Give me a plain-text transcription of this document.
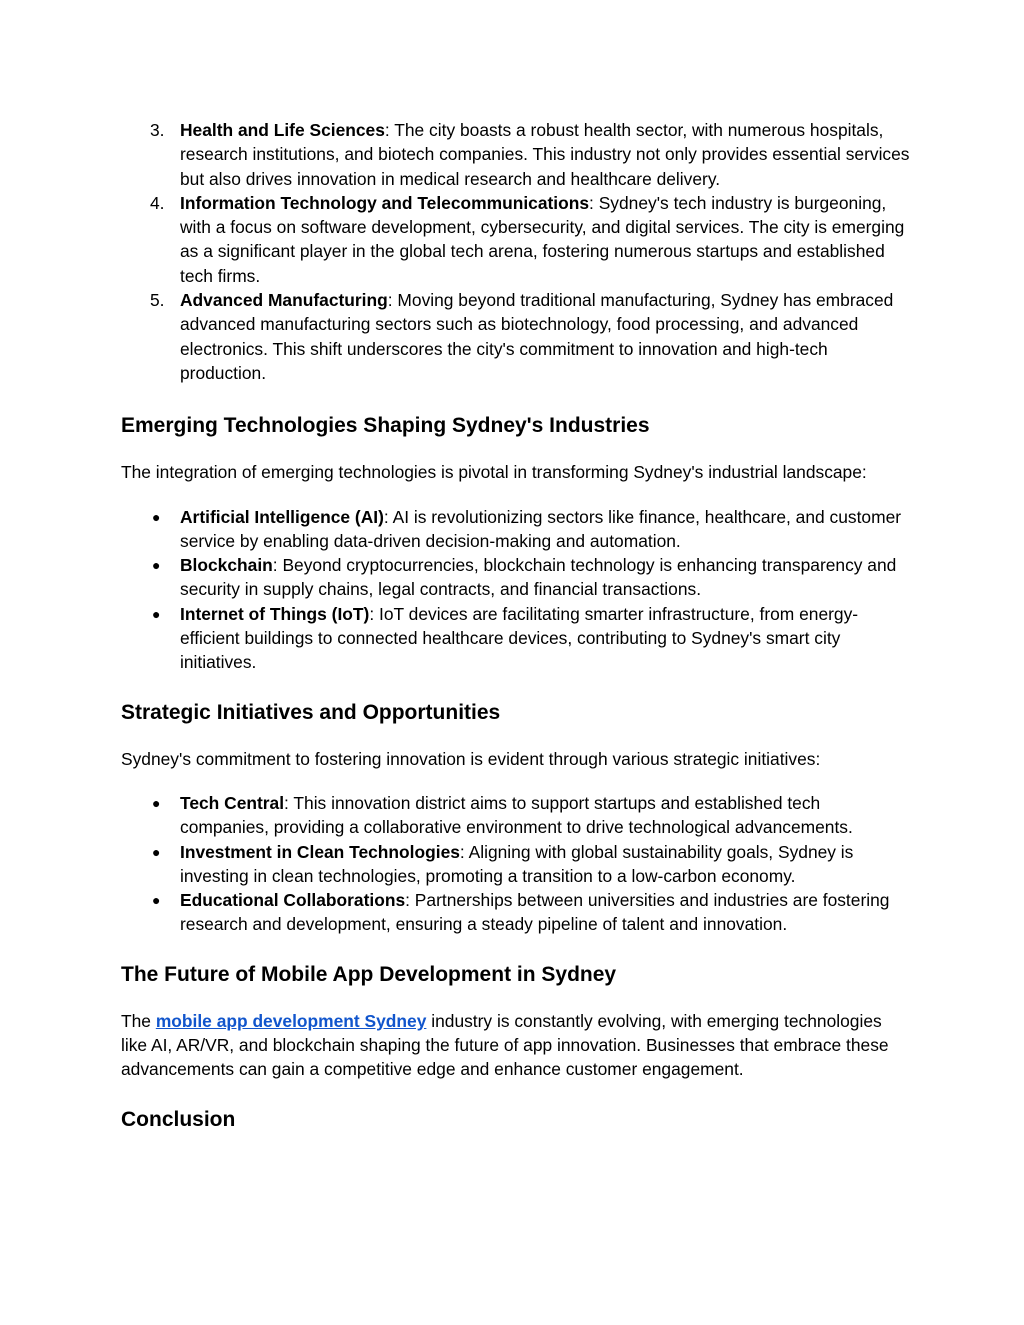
3. Health and Life Sciences: The city boasts a robust health sector, with numerous hospitals, research institutions, and biotech companies. This industry not only provides essential services but also drives innovation in medical research and healthcare delivery.
4. Information Technology and Telecommunications: Sydney's tech industry is burgeoning, with a focus on software development, cybersecurity, and digital services. The city is emerging as a significant player in the global tech arena, fostering numerous startups and established tech firms.
5. Advanced Manufacturing: Moving beyond traditional manufacturing, Sydney has embraced advanced manufacturing sectors such as biotechnology, food processing, and advanced electronics. This shift underscores the city's commitment to innovation and high-tech production.
Emerging Technologies Shaping Sydney's Industries

The integration of emerging technologies is pivotal in transforming Sydney's industrial landscape:

● Artificial Intelligence (AI): AI is revolutionizing sectors like finance, healthcare, and customer service by enabling data-driven decision-making and automation.
● Blockchain: Beyond cryptocurrencies, blockchain technology is enhancing transparency and security in supply chains, legal contracts, and financial transactions.
● Internet of Things (IoT): IoT devices are facilitating smarter infrastructure, from energy-efficient buildings to connected healthcare devices, contributing to Sydney's smart city initiatives.
Strategic Initiatives and Opportunities

Sydney's commitment to fostering innovation is evident through various strategic initiatives:

● Tech Central: This innovation district aims to support startups and established tech companies, providing a collaborative environment to drive technological advancements.
● Investment in Clean Technologies: Aligning with global sustainability goals, Sydney is investing in clean technologies, promoting a transition to a low-carbon economy.
● Educational Collaborations: Partnerships between universities and industries are fostering research and development, ensuring a steady pipeline of talent and innovation.
The Future of Mobile App Development in Sydney

The mobile app development Sydney industry is constantly evolving, with emerging technologies like AI, AR/VR, and blockchain shaping the future of app innovation. Businesses that embrace these advancements can gain a competitive edge and enhance customer engagement.

Conclusion
